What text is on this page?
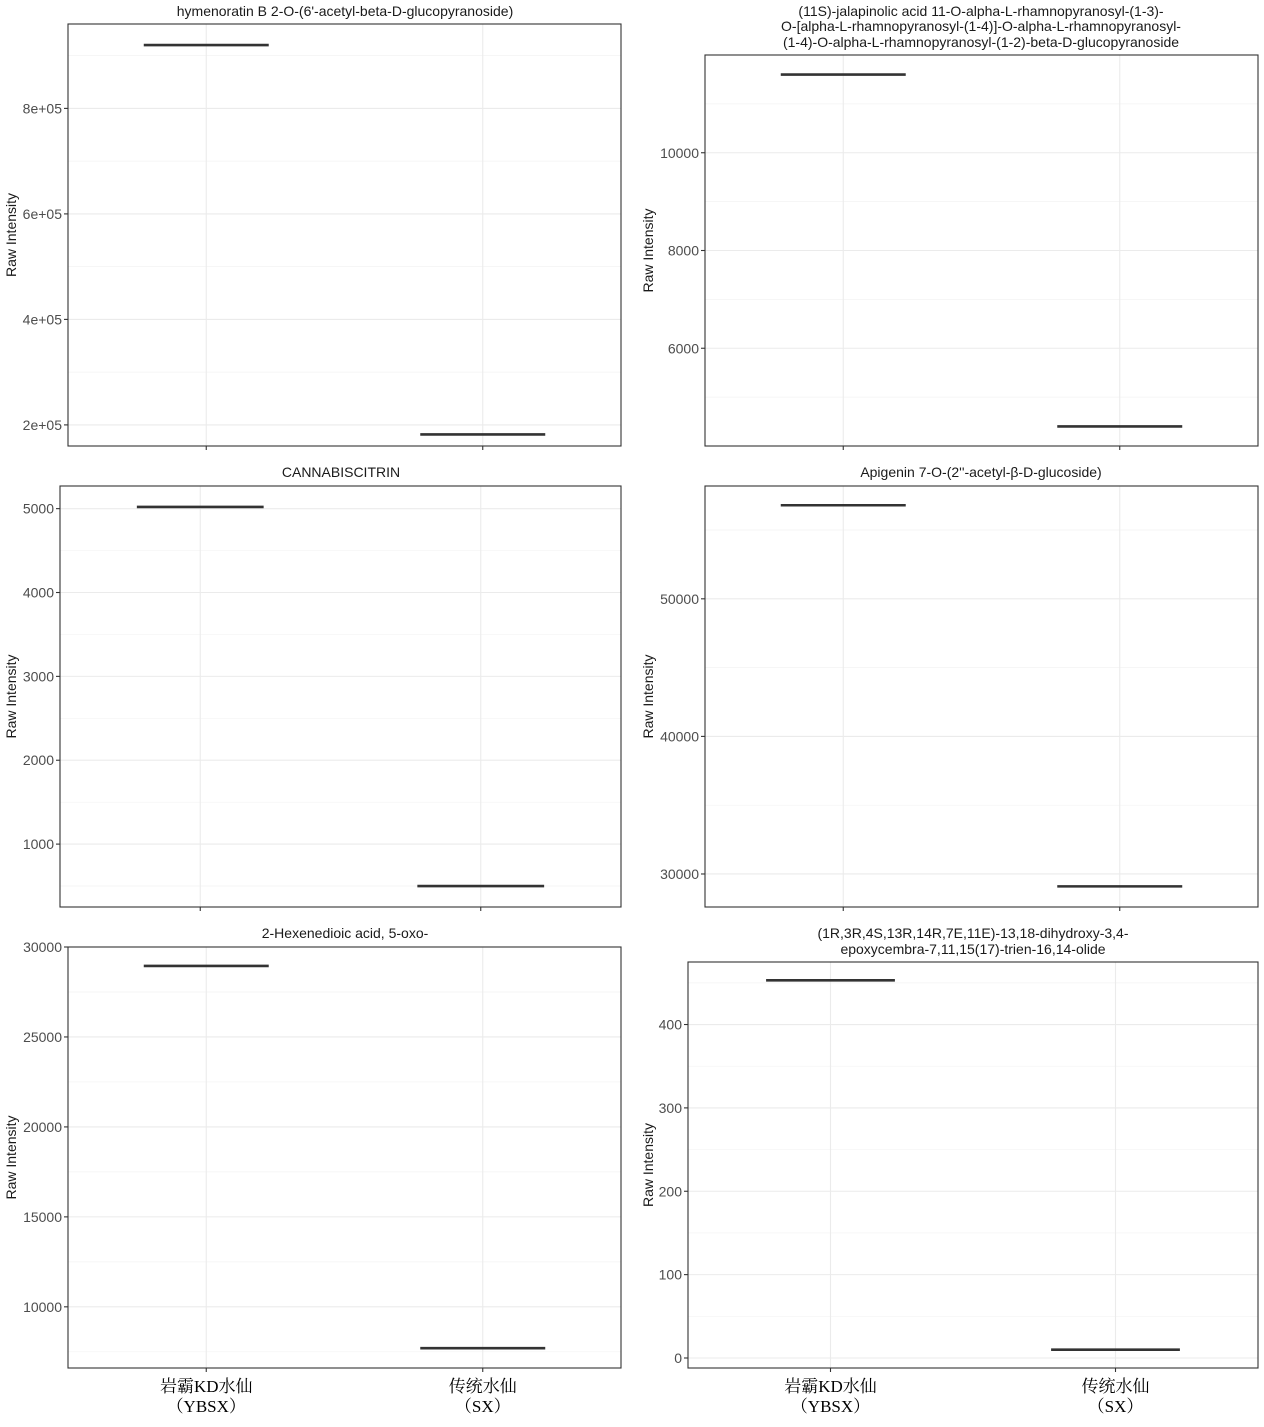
2e+05
4e+05
6e+05
8e+05
hymenoratin B 2-O-(6'-acetyl-beta-D-glucopyranoside)
Raw Intensity
6000
8000
10000
(11S)-jalapinolic acid 11-O-alpha-L-rhamnopyranosyl-(1-3)-
O-[alpha-L-rhamnopyranosyl-(1-4)]-O-alpha-L-rhamnopyranosyl-
(1-4)-O-alpha-L-rhamnopyranosyl-(1-2)-beta-D-glucopyranoside
Raw Intensity
1000
2000
3000
4000
5000
CANNABISCITRIN
Raw Intensity
30000
40000
50000
Apigenin 7-O-(2''-acetyl-β-D-glucoside)
Raw Intensity
10000
15000
20000
25000
30000
2-Hexenedioic acid, 5-oxo-
Raw Intensity
岩霸KD水仙
（YBSX）
传统水仙
（SX）
0
100
200
300
400
(1R,3R,4S,13R,14R,7E,11E)-13,18-dihydroxy-3,4-
epoxycembra-7,11,15(17)-trien-16,14-olide
Raw Intensity
岩霸KD水仙
（YBSX）
传统水仙
（SX）
